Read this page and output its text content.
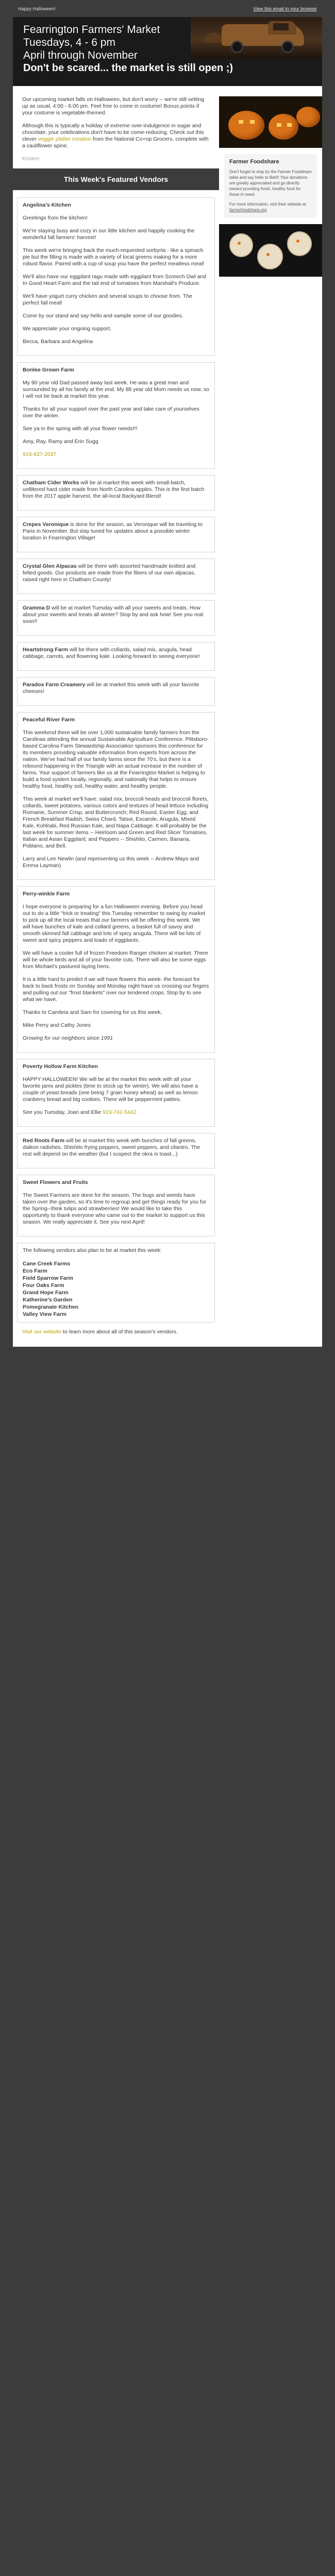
Happy Halloween!	View this email in your browser
Fearrington Farmers' Market
Tuesdays, 4 - 6 pm
April through November
Don't be scared... the market is still open ;)

Our upcoming market falls on Halloween, but don't worry -- we're still setting up as usual, 4:00 - 6:00 pm. Feel free to come in costume! Bonus points if your costume is vegetable-themed.

Although this is typically a holiday of extreme over-indulgence in sugar and chocolate, your celebrations don't have to be come-reducing. Check out this clever veggie platter creation from the National Co+op Grocers, complete with a cauliflower spine.

Kristen

This Week's Featured Vendors

Angelina's Kitchen

Greetings from the kitchen!

We're staying busy and cozy in our little kitchen and happily cooking the wonderful fall farmers' harvest!

This week we're bringing back the much-requested sorbyrta - like a spinach pie but the filling is made with a variety of local greens making for a more robust flavor. Paired with a cup of soup you have the perfect meatless meal!

We'll also have our eggplant ragu made with eggplant from Screech Owl and In Good Heart Farm and the tail end of tomatoes from Marshall's Produce.

We'll have yogurt curry chicken and several soups to choose from. The perfect fall meal!

Come by our stand and say hello and sample some of our goodies.

We appreciate your ongoing support,

Becca, Barbara and Angelina

Bonlee Grown Farm

My 90 year old Dad passed away last week. He was a great man and surrounded by all his family at the end. My 88 year old Mom needs us now, so I will not be back at market this year.

Thanks for all your support over the past year and take care of yourselves over the winter.

See ya in the spring with all your flower needs!!!

Amy, Ray, Ramy and Erin Sugg

919-837-2037

Chatham Cider Works will be at market this week with small-batch, unfiltered hard cider made from North Carolina apples. This is the first batch from the 2017 apple harvest, the all-local Backyard Blend!

Crepes Veronique is done for the season, as Veronique will be traveling to Paris in November. But stay tuned for updates about a possible winter location in Fearrington Village!

Crystal Glen Alpacas will be there with assorted handmade knitted and felted goods. Our products are made from the fibers of our own alpacas, raised right here in Chatham County!

Gramma D will be at market Tuesday with all your sweets and treats. How about your sweets and treats all winter? Stop by and ask how! See you real soon!!

Heartstrong Farm will be there with collards, salad mix, arugula, head cabbage, carrots, and flowering kale. Looking forward to seeing everyone!

Paradox Farm Creamery will be at market this week with all your favorite cheeses!

Peaceful River Farm

This weekend there will be over 1,000 sustainable family farmers from the Carolinas attending the annual Sustainable Agriculture Conference. Pittsboro-based Carolina Farm Stewardship Association sponsors this conference for its members providing valuable information from experts from across the nation. We've had half of our family farms since the 70's, but there is a rebound happening in the Triangle with an actual increase in the number of farms. Your support of farmers like us at the Fearrington Market is helping to build a food system locally, regionally, and nationally that helps to ensure healthy food, healthy soil, healthy water, and healthy people.

This week at market we'll have: salad mix, broccoli heads and broccoli florets, collards, sweet potatoes, various colors and textures of head lettuce including Romaine, Summer Crisp, and Buttercrunch; Red Round, Easter Egg, and French Breakfast Radish, Swiss Chard, Tatsoi, Escarole, Arugula, Mixed Kale, Kohlrabi, Red Russian Kale, and Napa Cabbage. It will probably be the last week for summer items -- Heirloom and Green and Red Slicer Tomatoes, Italian and Asian Eggplant; and Peppers -- Shishito, Carmen, Banana, Poblano, and Bell.

Larry and Lee Newlin (and representing us this week -- Andrew Mayo and Emma Layman)

Perry-winkle Farm

I hope everyone is preparing for a fun Halloween evening. Before you head out to do a little "trick or treating" this Tuesday remember to swing by market to pick up all the local treats that our farmers will be offering this week. We will have bunches of kale and collard greens, a basket full of savoy and smooth skinned fall cabbage and lots of spicy arugula. There will be lots of sweet and spicy peppers and loads of eggplants.

We will have a cooler full of frozen Freedom Ranger chicken at market. There will be whole birds and all of your favorite cuts. There will also be some eggs from Michael's pastured laying hens.

It is a little hard to predict if we will have flowers this week- the forecast for back to back frosts on Sunday and Monday night have us crossing our fingers and pulling out our "frost blankets" over our tendered crops. Stop by to see what we have.

Thanks to Cambria and Sam for covering for us this week,

Mike Perry and Cathy Jones

Growing for our neighbors since 1991

Poverty Hollow Farm Kitchen

HAPPY HALLOWEEN! We will be at the market this week with all your favorite jams and pickles (time to stock up for winter). We will also have a couple of yeast breads (one being 7 grain honey wheat) as well as lemon cranberry bread and big cookies. There will be peppermint patties.

See you Tuesday, Joan and Ellie 919-742-5442

Red Roots Farm will be at market this week with bunches of fall greens, daikon radishes, Shishito frying peppers, sweet peppers, and cilantro. The rest will depend on the weather (but I suspect the okra is toast...)

Sweet Flowers and Fruits

The Sweet Farmers are done for the season. The bugs and weeds have taken over the garden, so it's time to regroup and get things ready for you for the Spring--think tulips and strawberries! We would like to take this opportunity to thank everyone who came out to the market to support us this season. We really appreciate it. See you next April!

The following vendors also plan to be at market this week:

Cane Creek Farms
Eco Farm
Field Sparrow Farm
Four Oaks Farm
Grand Hope Farm
Katherine's Garden
Pomegranate Kitchen
Valley View Farm

Visit our website to learn more about all of this season's vendors.

Farmer Foodshare
Don't forget to stop by the Farmer Foodshare table and say hello to Beth! Your donations are greatly appreciated and go directly toward providing fresh, healthy food for those in need.
For more information, visit their website at farmerfoodshare.org
